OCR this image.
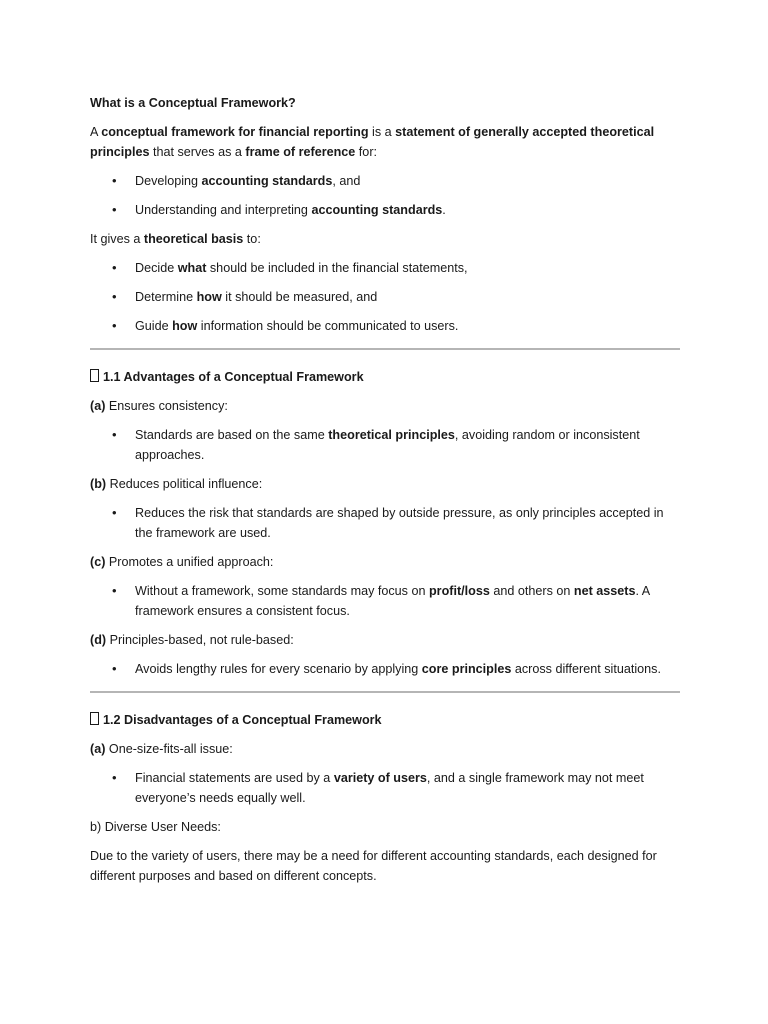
What is a Conceptual Framework?

A conceptual framework for financial reporting is a statement of generally accepted theoretical principles that serves as a frame of reference for:

• Developing accounting standards, and
• Understanding and interpreting accounting standards.

It gives a theoretical basis to:

• Decide what should be included in the financial statements,
• Determine how it should be measured, and
• Guide how information should be communicated to users.

1.1 Advantages of a Conceptual Framework

(a) Ensures consistency:

• Standards are based on the same theoretical principles, avoiding random or inconsistent approaches.

(b) Reduces political influence:

• Reduces the risk that standards are shaped by outside pressure, as only principles accepted in the framework are used.

(c) Promotes a unified approach:

• Without a framework, some standards may focus on profit/loss and others on net assets. A framework ensures a consistent focus.

(d) Principles-based, not rule-based:

• Avoids lengthy rules for every scenario by applying core principles across different situations.

1.2 Disadvantages of a Conceptual Framework

(a) One-size-fits-all issue:

• Financial statements are used by a variety of users, and a single framework may not meet everyone’s needs equally well.

b) Diverse User Needs:

Due to the variety of users, there may be a need for different accounting standards, each designed for different purposes and based on different concepts.
